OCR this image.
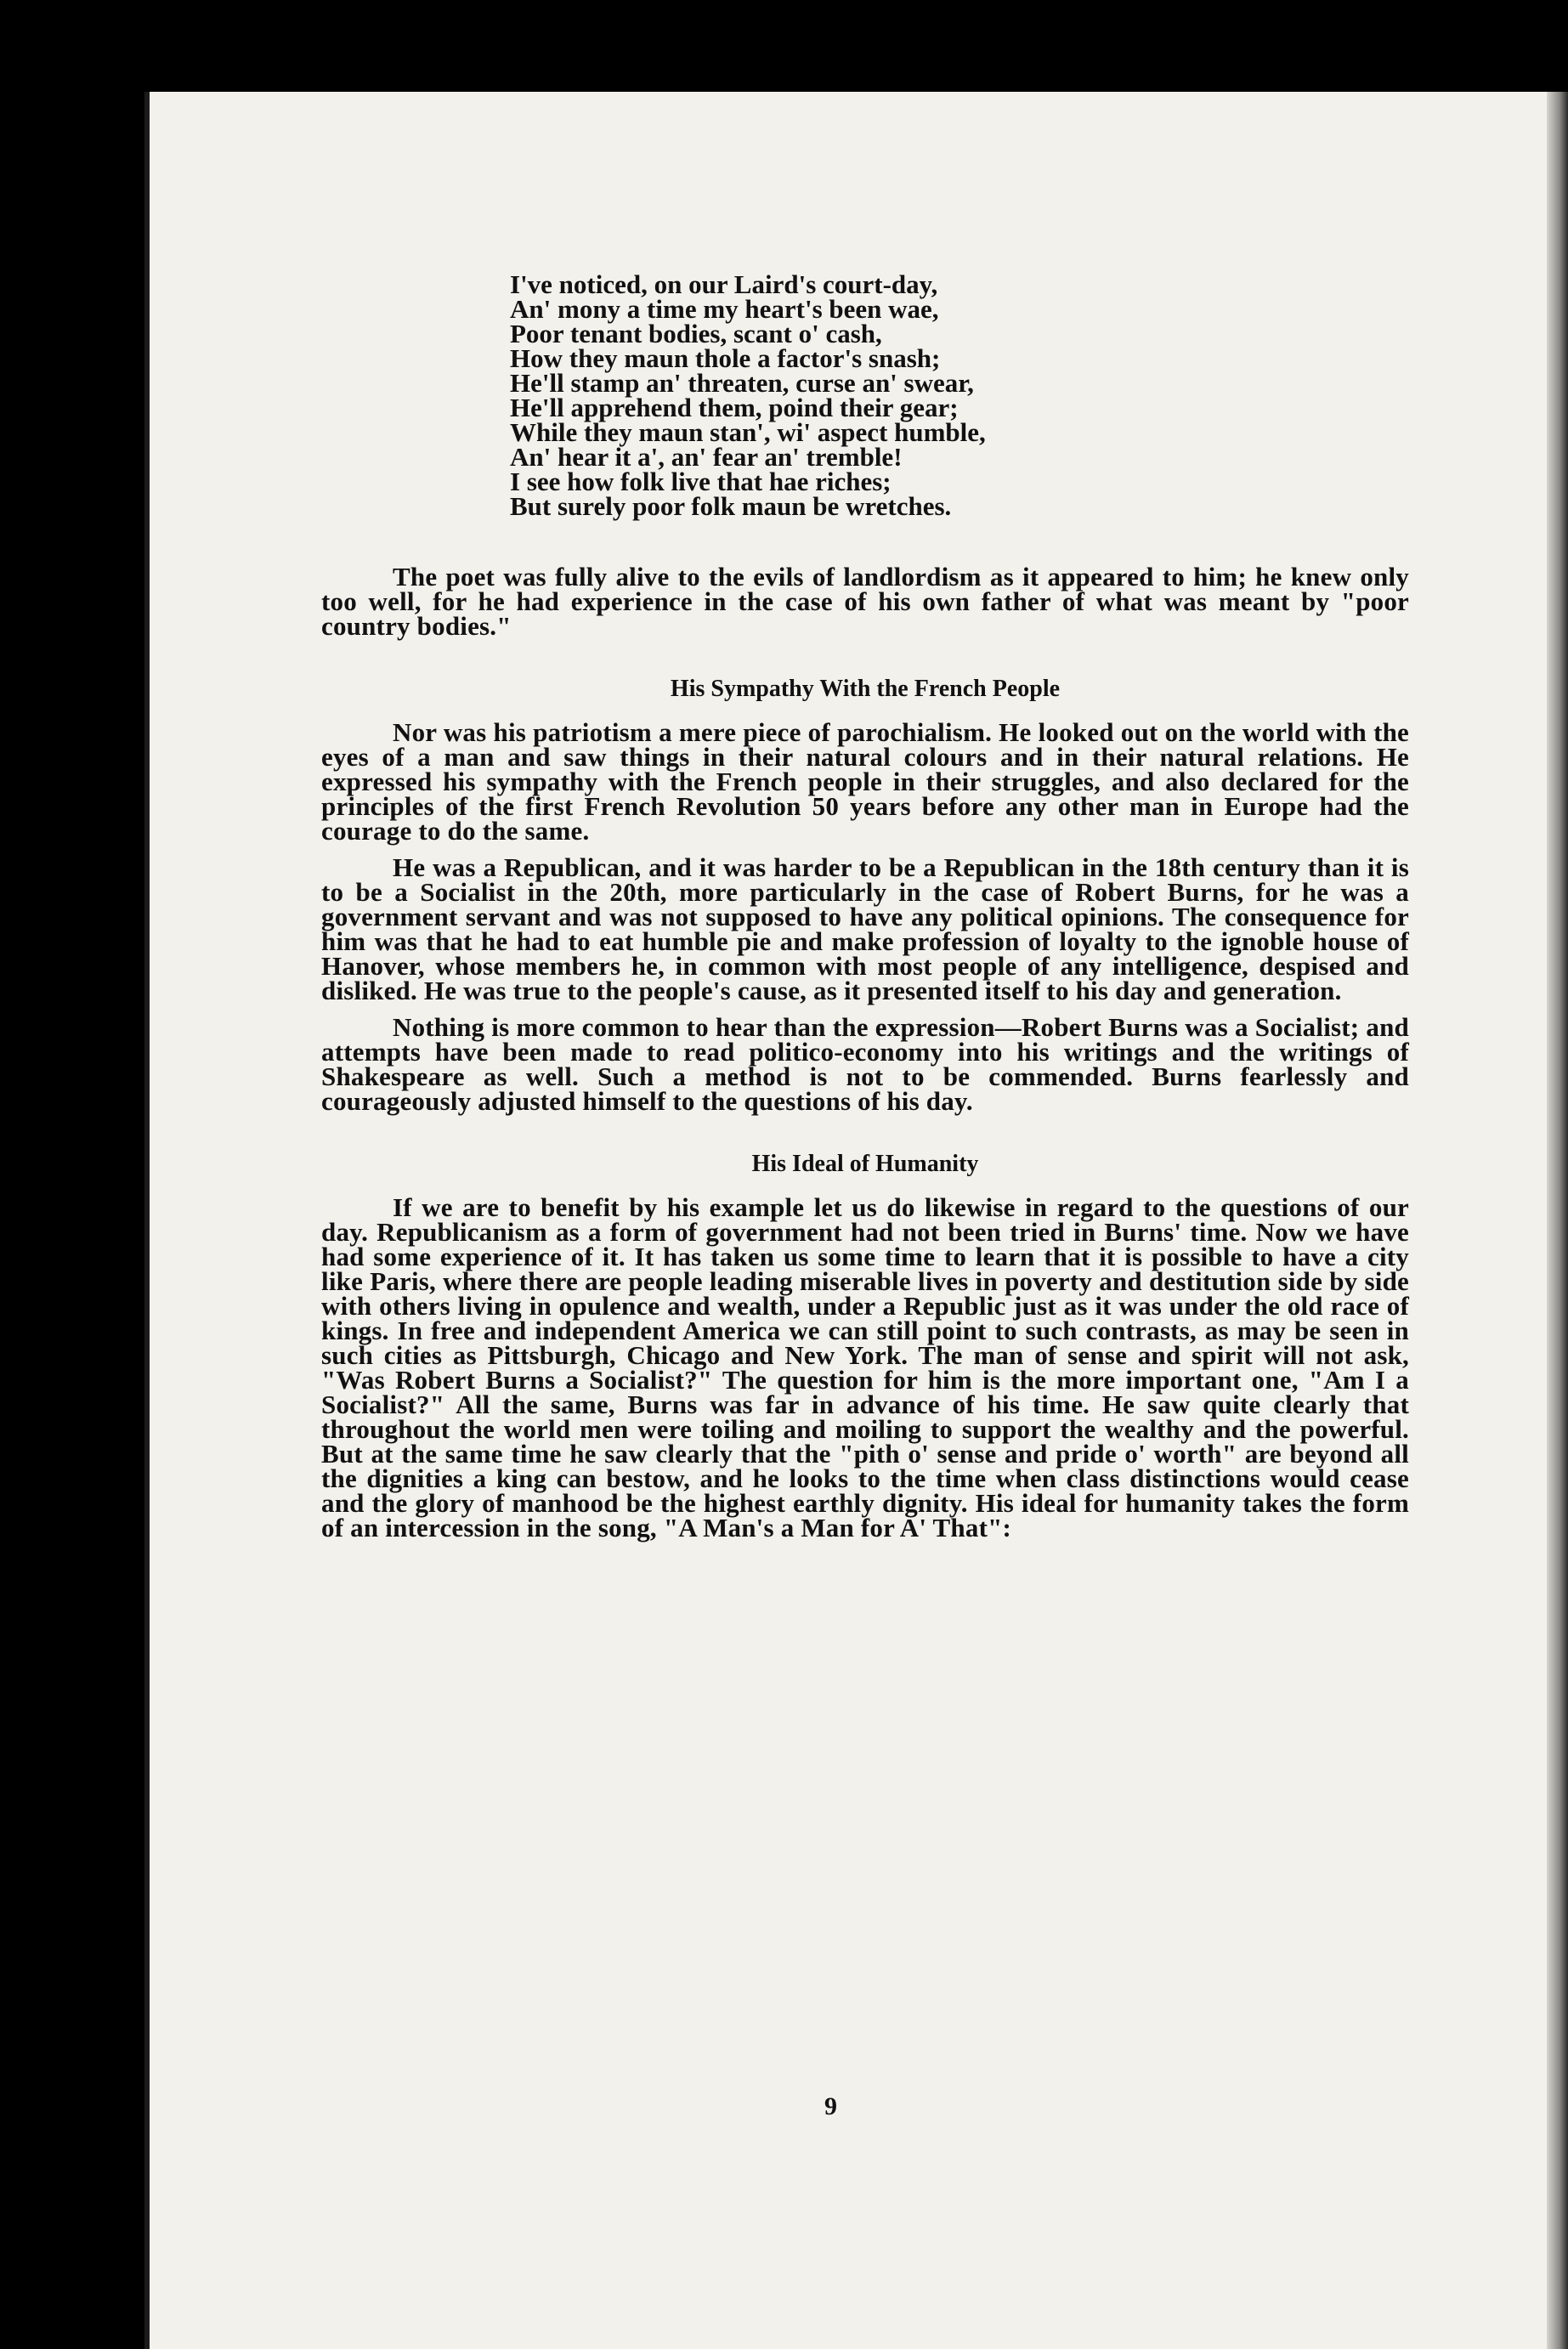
I've noticed, on our Laird's court-day,
An' mony a time my heart's been wae,
Poor tenant bodies, scant o' cash,
How they maun thole a factor's snash;
He'll stamp an' threaten, curse an' swear,
He'll apprehend them, poind their gear;
While they maun stan', wi' aspect humble,
An' hear it a', an' fear an' tremble!
I see how folk live that hae riches;
But surely poor folk maun be wretches.

The poet was fully alive to the evils of landlordism as it appeared to him; he knew only too well, for he had experience in the case of his own father of what was meant by "poor country bodies."

His Sympathy With the French People

Nor was his patriotism a mere piece of parochialism. He looked out on the world with the eyes of a man and saw things in their natural colours and in their natural relations. He expressed his sympathy with the French people in their struggles, and also declared for the principles of the first French Revolution 50 years before any other man in Europe had the courage to do the same.

He was a Republican, and it was harder to be a Republican in the 18th century than it is to be a Socialist in the 20th, more particularly in the case of Robert Burns, for he was a government servant and was not supposed to have any political opinions. The consequence for him was that he had to eat humble pie and make profession of loyalty to the ignoble house of Hanover, whose members he, in common with most people of any intelligence, despised and disliked. He was true to the people's cause, as it presented itself to his day and generation.

Nothing is more common to hear than the expression—Robert Burns was a Socialist; and attempts have been made to read politico-economy into his writings and the writings of Shakespeare as well. Such a method is not to be commended. Burns fearlessly and courageously adjusted himself to the questions of his day.

His Ideal of Humanity

If we are to benefit by his example let us do likewise in regard to the questions of our day. Republicanism as a form of government had not been tried in Burns' time. Now we have had some experience of it. It has taken us some time to learn that it is possible to have a city like Paris, where there are people leading miserable lives in poverty and destitution side by side with others living in opulence and wealth, under a Republic just as it was under the old race of kings. In free and independent America we can still point to such contrasts, as may be seen in such cities as Pittsburgh, Chicago and New York. The man of sense and spirit will not ask, "Was Robert Burns a Socialist?" The question for him is the more important one, "Am I a Socialist?" All the same, Burns was far in advance of his time. He saw quite clearly that throughout the world men were toiling and moiling to support the wealthy and the powerful. But at the same time he saw clearly that the "pith o' sense and pride o' worth" are beyond all the dignities a king can bestow, and he looks to the time when class distinctions would cease and the glory of manhood be the highest earthly dignity. His ideal for humanity takes the form of an intercession in the song, "A Man's a Man for A' That":

9
